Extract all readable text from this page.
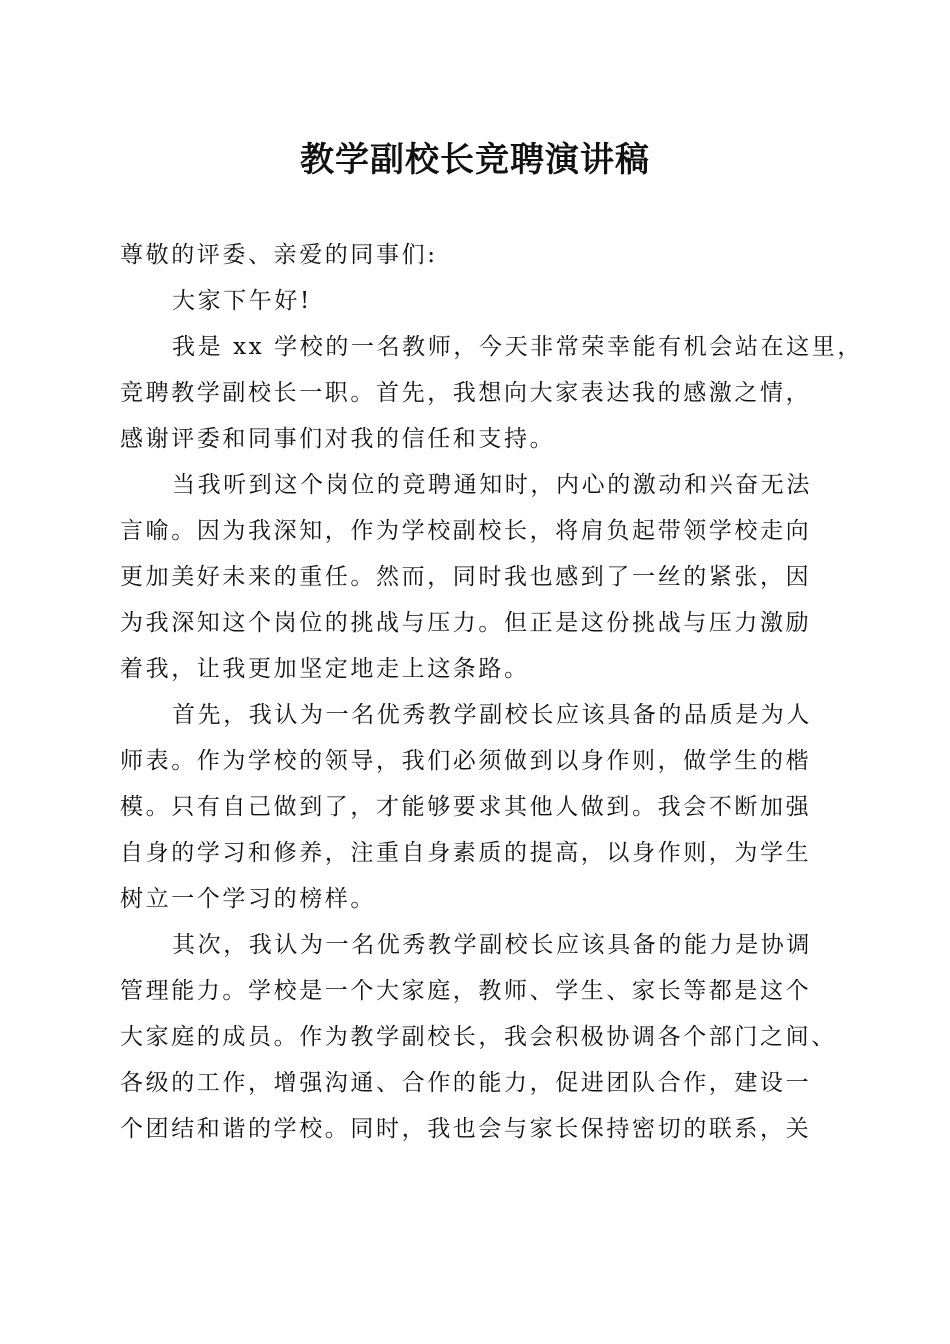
教学副校长竞聘演讲稿
尊敬的评委、亲爱的同事们:
大家下午好!
我是 xx 学校的一名教师，今天非常荣幸能有机会站在这里，
竞聘教学副校长一职。首先，我想向大家表达我的感激之情，
感谢评委和同事们对我的信任和支持。
当我听到这个岗位的竞聘通知时，内心的激动和兴奋无法
言喻。因为我深知，作为学校副校长，将肩负起带领学校走向
更加美好未来的重任。然而，同时我也感到了一丝的紧张，因
为我深知这个岗位的挑战与压力。但正是这份挑战与压力激励
着我，让我更加坚定地走上这条路。
首先，我认为一名优秀教学副校长应该具备的品质是为人
师表。作为学校的领导，我们必须做到以身作则，做学生的楷
模。只有自己做到了，才能够要求其他人做到。我会不断加强
自身的学习和修养，注重自身素质的提高，以身作则，为学生
树立一个学习的榜样。
其次，我认为一名优秀教学副校长应该具备的能力是协调
管理能力。学校是一个大家庭，教师、学生、家长等都是这个
大家庭的成员。作为教学副校长，我会积极协调各个部门之间、
各级的工作，增强沟通、合作的能力，促进团队合作，建设一
个团结和谐的学校。同时，我也会与家长保持密切的联系，关
